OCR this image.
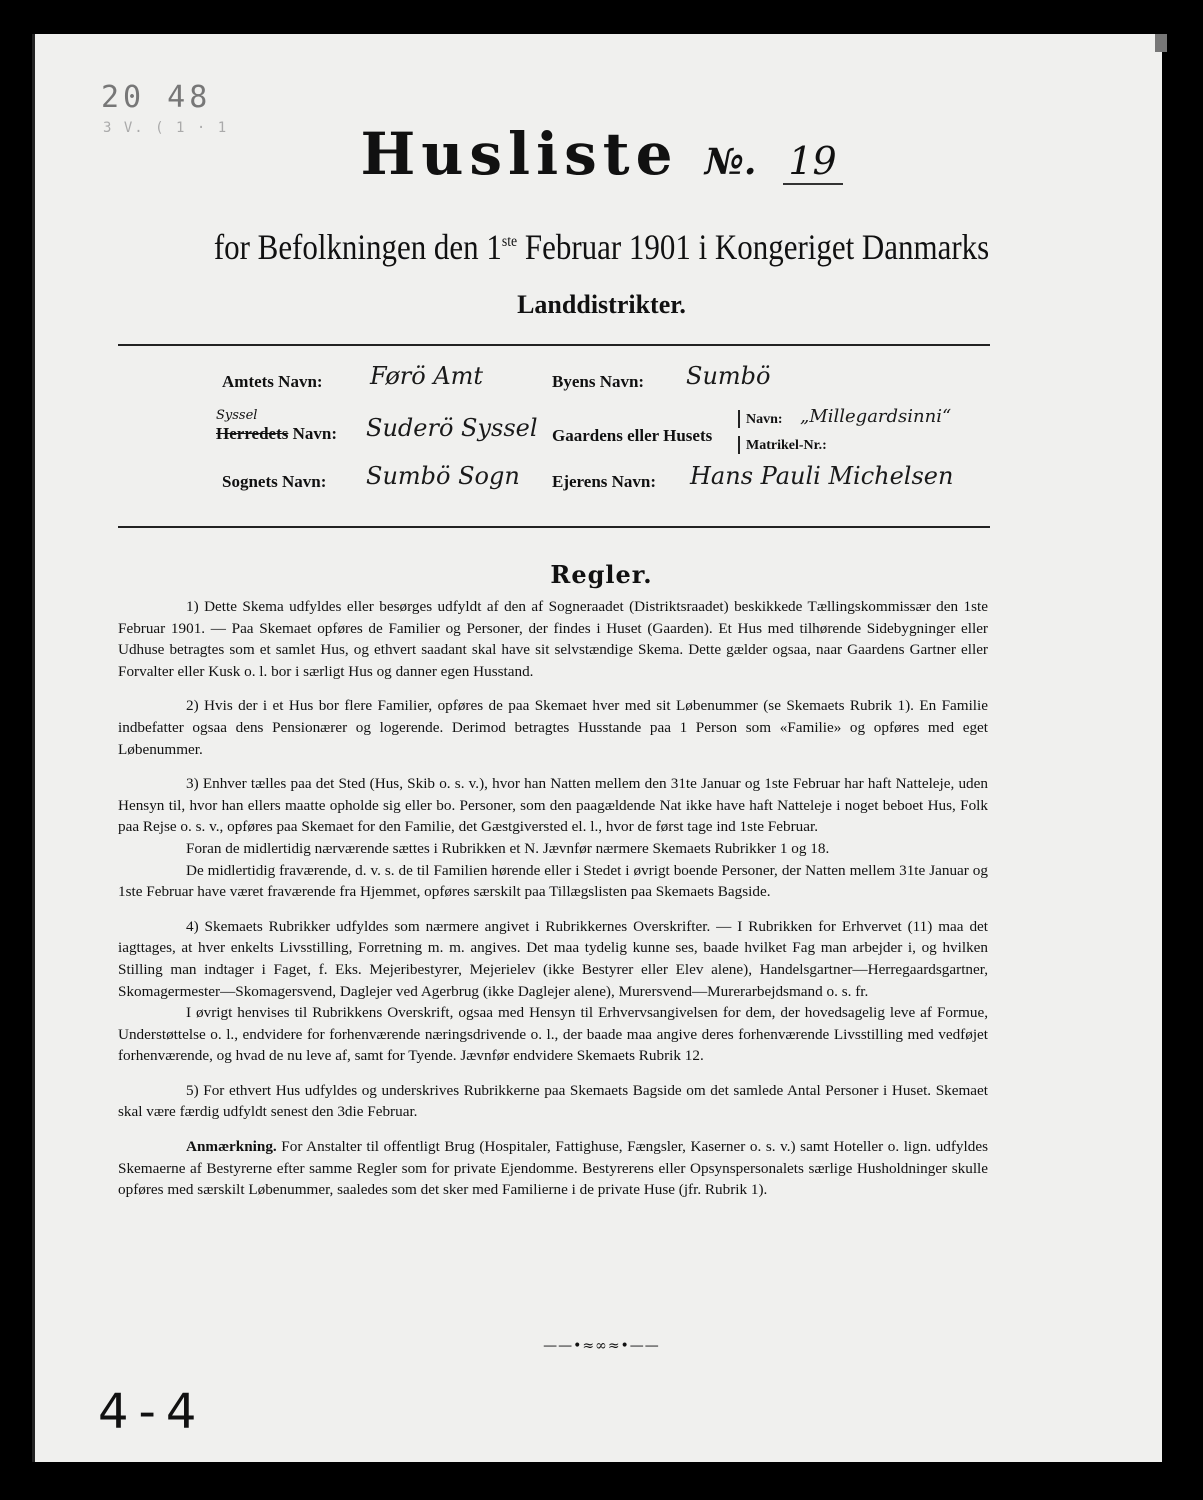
20 48
3 V. ( 1 · 1	Husliste №. 19
for Befolkningen den 1ste Februar 1901 i Kongeriget Danmarks
Landdistrikter.
Amtets Navn: Førö Amt	Byens Navn: Sumbö
Syssel
Herredets Navn: Suderö Syssel Gaardens eller Husets
Navn: „Millegardsinni“
Matrikel-Nr.:
Sognets Navn: Sumbö Sogn Ejerens Navn: Hans Pauli Michelsen
Regler.

1) Dette Skema udfyldes eller besørges udfyldt af den af Sogneraadet (Distriktsraadet) beskikkede Tællingskommissær den 1ste Februar 1901. — Paa Skemaet opføres de Familier og Personer, der findes i Huset (Gaarden). Et Hus med tilhørende Sidebygninger eller Udhuse betragtes som et samlet Hus, og ethvert saadant skal have sit selvstændige Skema. Dette gælder ogsaa, naar Gaardens Gartner eller Forvalter eller Kusk o. l. bor i særligt Hus og danner egen Husstand.

2) Hvis der i et Hus bor flere Familier, opføres de paa Skemaet hver med sit Løbenummer (se Skemaets Rubrik 1). En Familie indbefatter ogsaa dens Pensionærer og logerende. Derimod betragtes Husstande paa 1 Person som «Familie» og opføres med eget Løbenummer.

3) Enhver tælles paa det Sted (Hus, Skib o. s. v.), hvor han Natten mellem den 31te Januar og 1ste Februar har haft Natteleje, uden Hensyn til, hvor han ellers maatte opholde sig eller bo. Personer, som den paagældende Nat ikke have haft Natteleje i noget beboet Hus, Folk paa Rejse o. s. v., opføres paa Skemaet for den Familie, det Gæstgiversted el. l., hvor de først tage ind 1ste Februar.

Foran de midlertidig nærværende sættes i Rubrikken et N. Jævnfør nærmere Skemaets Rubrikker 1 og 18.

De midlertidig fraværende, d. v. s. de til Familien hørende eller i Stedet i øvrigt boende Personer, der Natten mellem 31te Januar og 1ste Februar have været fraværende fra Hjemmet, opføres særskilt paa Tillægslisten paa Skemaets Bagside.

4) Skemaets Rubrikker udfyldes som nærmere angivet i Rubrikkernes Overskrifter. — I Rubrikken for Erhvervet (11) maa det iagttages, at hver enkelts Livsstilling, Forretning m. m. angives. Det maa tydelig kunne ses, baade hvilket Fag man arbejder i, og hvilken Stilling man indtager i Faget, f. Eks. Mejeribestyrer, Mejerielev (ikke Bestyrer eller Elev alene), Handelsgartner—Herregaardsgartner, Skomagermester—Skomagersvend, Daglejer ved Agerbrug (ikke Daglejer alene), Murersvend—Murerarbejdsmand o. s. fr.

I øvrigt henvises til Rubrikkens Overskrift, ogsaa med Hensyn til Erhvervsangivelsen for dem, der hovedsagelig leve af Formue, Understøttelse o. l., endvidere for forhenværende næringsdrivende o. l., der baade maa angive deres forhenværende Livsstilling med vedføjet forhenværende, og hvad de nu leve af, samt for Tyende. Jævnfør endvidere Skemaets Rubrik 12.

5) For ethvert Hus udfyldes og underskrives Rubrikkerne paa Skemaets Bagside om det samlede Antal Personer i Huset. Skemaet skal være færdig udfyldt senest den 3die Februar.

Anmærkning. For Anstalter til offentligt Brug (Hospitaler, Fattighuse, Fængsler, Kaserner o. s. v.) samt Hoteller o. lign. udfyldes Skemaerne af Bestyrerne efter samme Regler som for private Ejendomme. Bestyrerens eller Opsynspersonalets særlige Husholdninger skulle opføres med særskilt Løbenummer, saaledes som det sker med Familierne i de private Huse (jfr. Rubrik 1).

——•≈∞≈•——
4-4
